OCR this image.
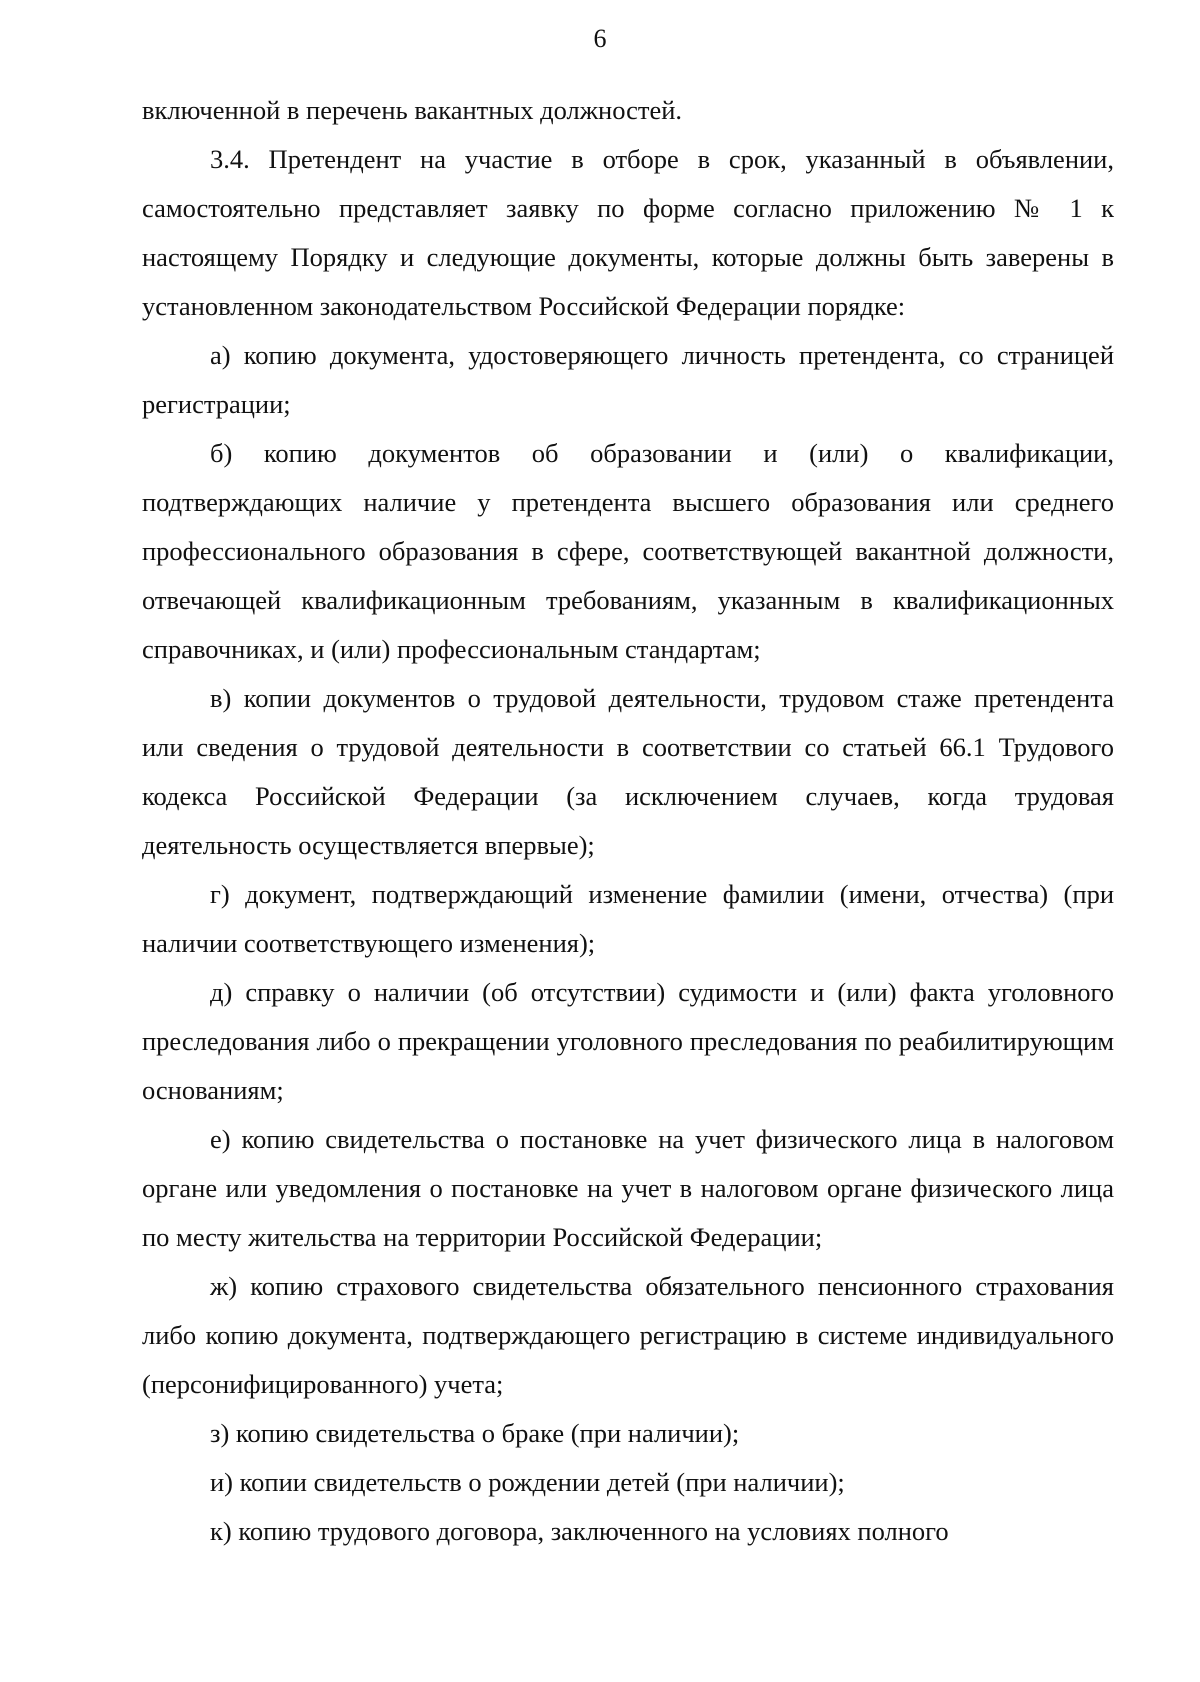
6

включенной в перечень вакантных должностей.

3.4. Претендент на участие в отборе в срок, указанный в объявлении, самостоятельно представляет заявку по форме согласно приложению № 1 к настоящему Порядку и следующие документы, которые должны быть заверены в установленном законодательством Российской Федерации порядке:

а) копию документа, удостоверяющего личность претендента, со страницей регистрации;

б) копию документов об образовании и (или) о квалификации, подтверждающих наличие у претендента высшего образования или среднего профессионального образования в сфере, соответствующей вакантной должности, отвечающей квалификационным требованиям, указанным в квалификационных справочниках, и (или) профессиональным стандартам;

в) копии документов о трудовой деятельности, трудовом стаже претендента или сведения о трудовой деятельности в соответствии со статьей 66.1 Трудового кодекса Российской Федерации (за исключением случаев, когда трудовая деятельность осуществляется впервые);

г) документ, подтверждающий изменение фамилии (имени, отчества) (при наличии соответствующего изменения);

д) справку о наличии (об отсутствии) судимости и (или) факта уголовного преследования либо о прекращении уголовного преследования по реабилитирующим основаниям;

е) копию свидетельства о постановке на учет физического лица в налоговом органе или уведомления о постановке на учет в налоговом органе физического лица по месту жительства на территории Российской Федерации;

ж) копию страхового свидетельства обязательного пенсионного страхования либо копию документа, подтверждающего регистрацию в системе индивидуального (персонифицированного) учета;

з) копию свидетельства о браке (при наличии);

и) копии свидетельств о рождении детей (при наличии);

к) копию трудового договора, заключенного на условиях полного
